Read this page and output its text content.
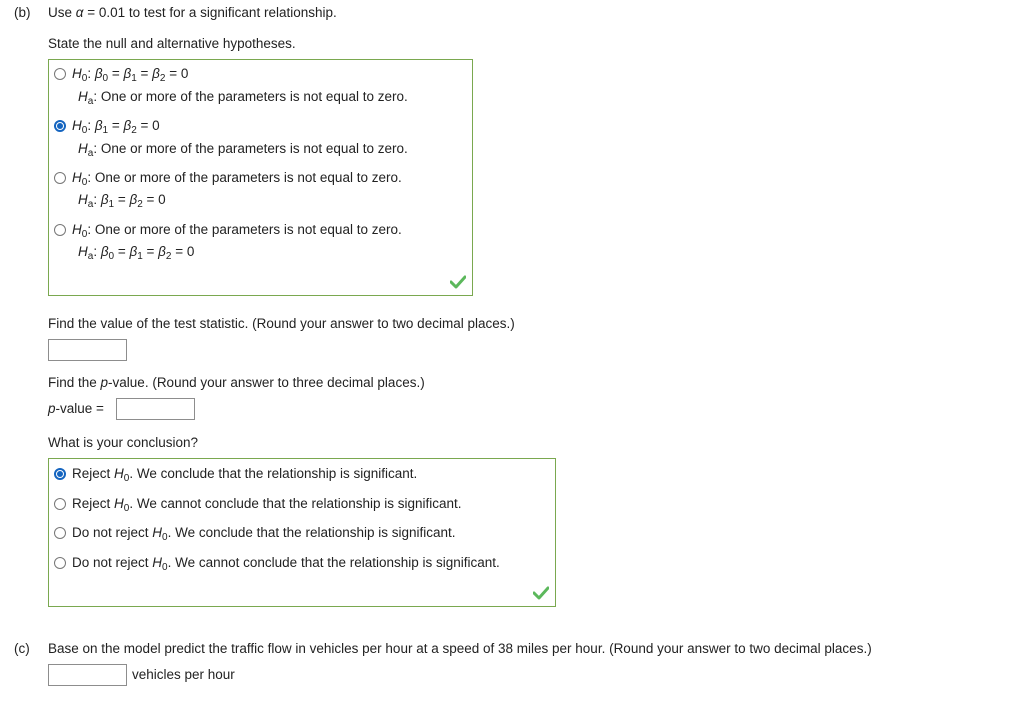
(b) Use α = 0.01 to test for a significant relationship.
State the null and alternative hypotheses.
$H_0$: $\beta_0 = \beta_1 = \beta_2 = 0$
$H_a$: One or more of the parameters is not equal to zero.
$H_0$: $\beta_1 = \beta_2 = 0$
$H_a$: One or more of the parameters is not equal to zero.
$H_0$: One or more of the parameters is not equal to zero.
$H_a$: $\beta_1 = \beta_2 = 0$
$H_0$: One or more of the parameters is not equal to zero.
$H_a$: $\beta_0 = \beta_1 = \beta_2 = 0$
Find the value of the test statistic. (Round your answer to two decimal places.)
Find the p-value. (Round your answer to three decimal places.)
p-value =
What is your conclusion?
Reject $H_0$. We conclude that the relationship is significant.
Reject $H_0$. We cannot conclude that the relationship is significant.
Do not reject $H_0$. We conclude that the relationship is significant.
Do not reject $H_0$. We cannot conclude that the relationship is significant.
(c) Base on the model predict the traffic flow in vehicles per hour at a speed of 38 miles per hour. (Round your answer to two decimal places.)
vehicles per hour
